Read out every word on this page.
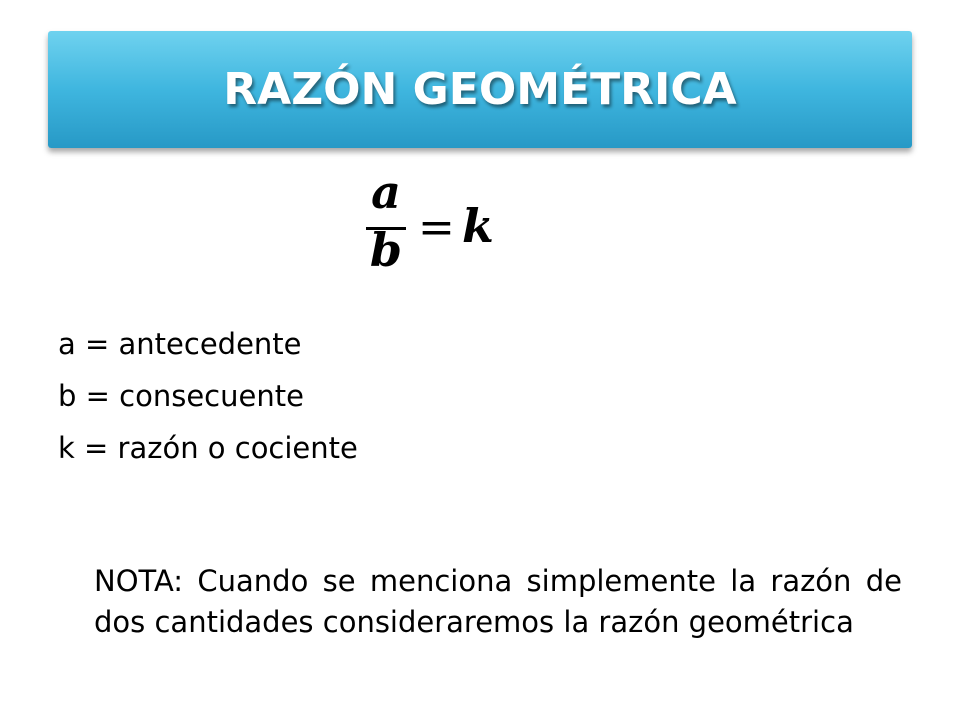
RAZÓN GEOMÉTRICA
a
b = k
a = antecedente
b = consecuente
k = razón o cociente

NOTA: Cuando se menciona simplemente la razón de dos cantidades consideraremos la razón geométrica
